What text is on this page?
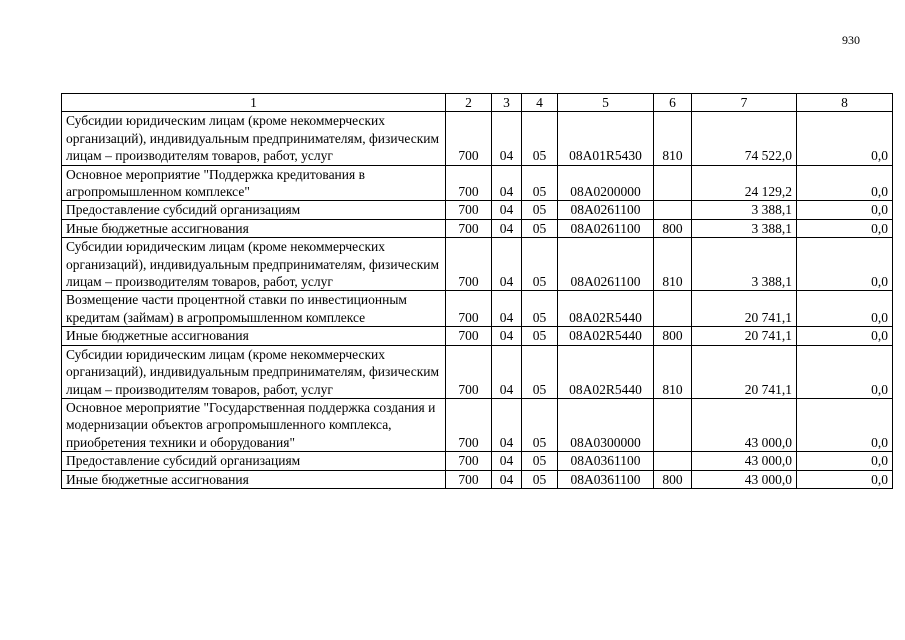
930
1	2	3	4	5	6	7	8
Субсидии юридическим лицам (кроме некоммерческих организаций), индивидуальным предпринимателям, физическим лицам – производителям товаров, работ, услуг	700	04	05	08А01R5430	810	74 522,0	0,0
Основное мероприятие "Поддержка кредитования в агропромышленном комплексе"	700	04	05	08А0200000		24 129,2	0,0
Предоставление субсидий организациям	700	04	05	08А0261100		3 388,1	0,0
Иные бюджетные ассигнования	700	04	05	08А0261100	800	3 388,1	0,0
Субсидии юридическим лицам (кроме некоммерческих организаций), индивидуальным предпринимателям, физическим лицам – производителям товаров, работ, услуг	700	04	05	08А0261100	810	3 388,1	0,0
Возмещение части процентной ставки по инвестиционным кредитам (займам) в агропромышленном комплексе	700	04	05	08А02R5440		20 741,1	0,0
Иные бюджетные ассигнования	700	04	05	08А02R5440	800	20 741,1	0,0
Субсидии юридическим лицам (кроме некоммерческих организаций), индивидуальным предпринимателям, физическим лицам – производителям товаров, работ, услуг	700	04	05	08А02R5440	810	20 741,1	0,0
Основное мероприятие "Государственная поддержка создания и модернизации объектов агропромышленного комплекса, приобретения техники и оборудования"	700	04	05	08А0300000		43 000,0	0,0
Предоставление субсидий организациям	700	04	05	08А0361100		43 000,0	0,0
Иные бюджетные ассигнования	700	04	05	08А0361100	800	43 000,0	0,0
